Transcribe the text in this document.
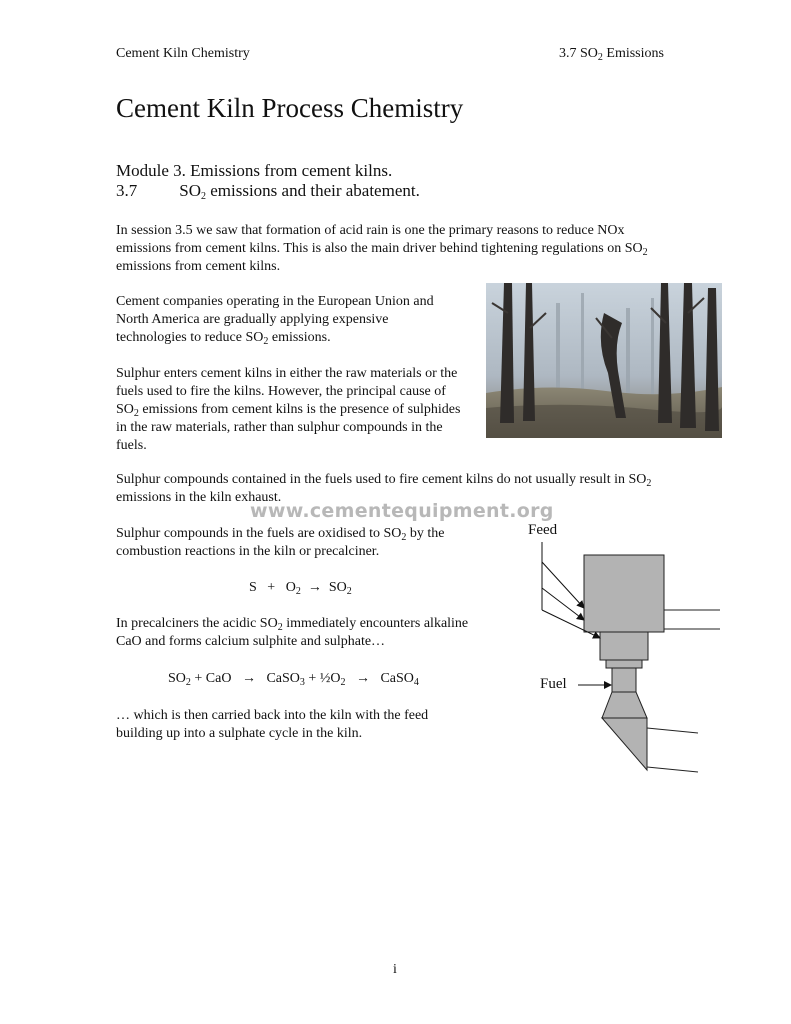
Cement Kiln Chemistry	3.7 $SO_2$ Emissions
Cement Kiln Process Chemistry
Module 3. Emissions from cement kilns.
3.7 $SO_2$ emissions and their abatement.

In session 3.5 we saw that formation of acid rain is one the primary reasons to reduce NOx emissions from cement kilns. This is also the main driver behind tightening regulations on $SO_2$ emissions from cement kilns.

Cement companies operating in the European Union and North America are gradually applying expensive technologies to reduce $SO_2$ emissions.

Sulphur enters cement kilns in either the raw materials or the fuels used to fire the kilns. However, the principal cause of $SO_2$ emissions from cement kilns is the presence of sulphides in the raw materials, rather than sulphur compounds in the fuels.

Sulphur compounds contained in the fuels used to fire cement kilns do not usually result in $SO_2$ emissions in the kiln exhaust.

www.cementequipment.org

Sulphur compounds in the fuels are oxidised to $SO_2$ by the combustion reactions in the kiln or precalciner.

$S + O_2 \to SO_2$

In precalciners the acidic $SO_2$ immediately encounters alkaline CaO and forms calcium sulphite and sulphate…

$SO_2$ + CaO → CaSO$_3$ + $\frac{1}{2}O_2$ → CaSO$_4$

… which is then carried back into the kiln with the feed building up into a sulphate cycle in the kiln.

Feed
Fuel
i
